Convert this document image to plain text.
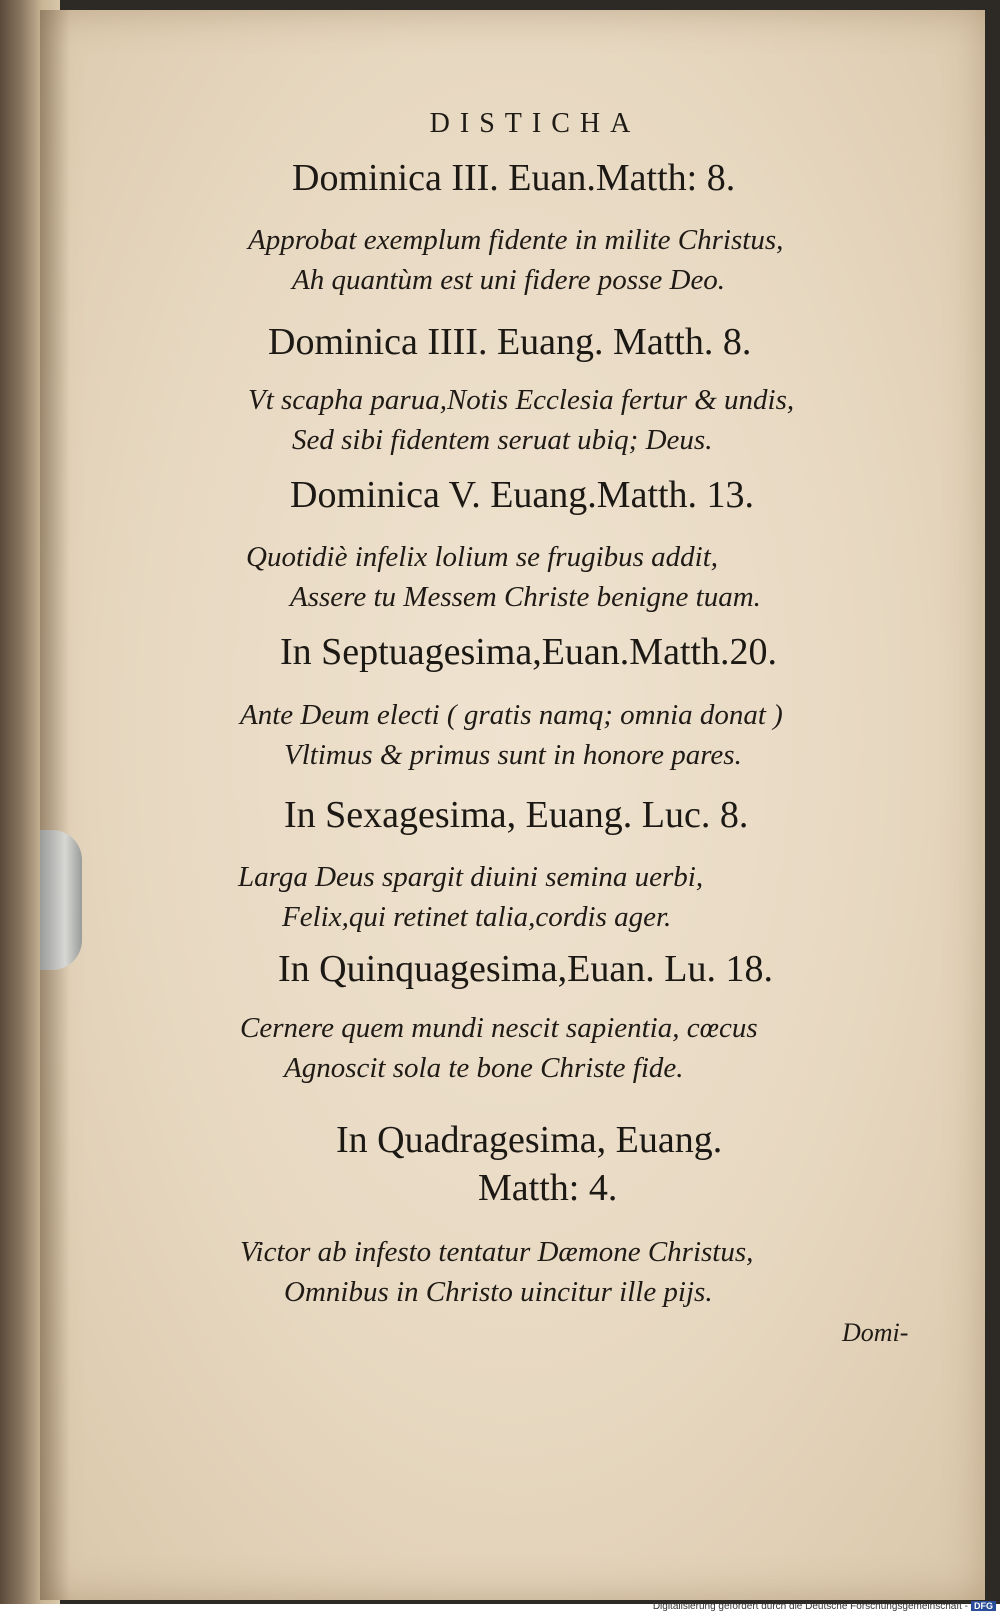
DISTICHA
Dominica III. Euan.Matth: 8.
Approbat exemplum fidente in milite Christus,
Ah quantùm est uni fidere posse Deo.
Dominica IIII. Euang. Matth. 8.
Vt scapha parua,Notis Ecclesia fertur & undis,
Sed sibi fidentem seruat ubiq; Deus.
Dominica V. Euang.Matth. 13.
Quotidiè infelix lolium se frugibus addit,
Assere tu Messem Christe benigne tuam.
In Septuagesima,Euan.Matth.20.
Ante Deum electi ( gratis namq; omnia donat )
Vltimus & primus sunt in honore pares.
In Sexagesima, Euang. Luc. 8.
Larga Deus spargit diuini semina uerbi,
Felix,qui retinet talia,cordis ager.
In Quinquagesima,Euan. Lu. 18.
Cernere quem mundi nescit sapientia, cœcus
Agnoscit sola te bone Christe fide.
In Quadragesima, Euang.
Matth: 4.
Victor ab infesto tentatur Dæmone Christus,
Omnibus in Christo uincitur ille pijs.
Domi-
Digitalisierung gefördert durch die Deutsche Forschungsgemeinschaft - DFG
